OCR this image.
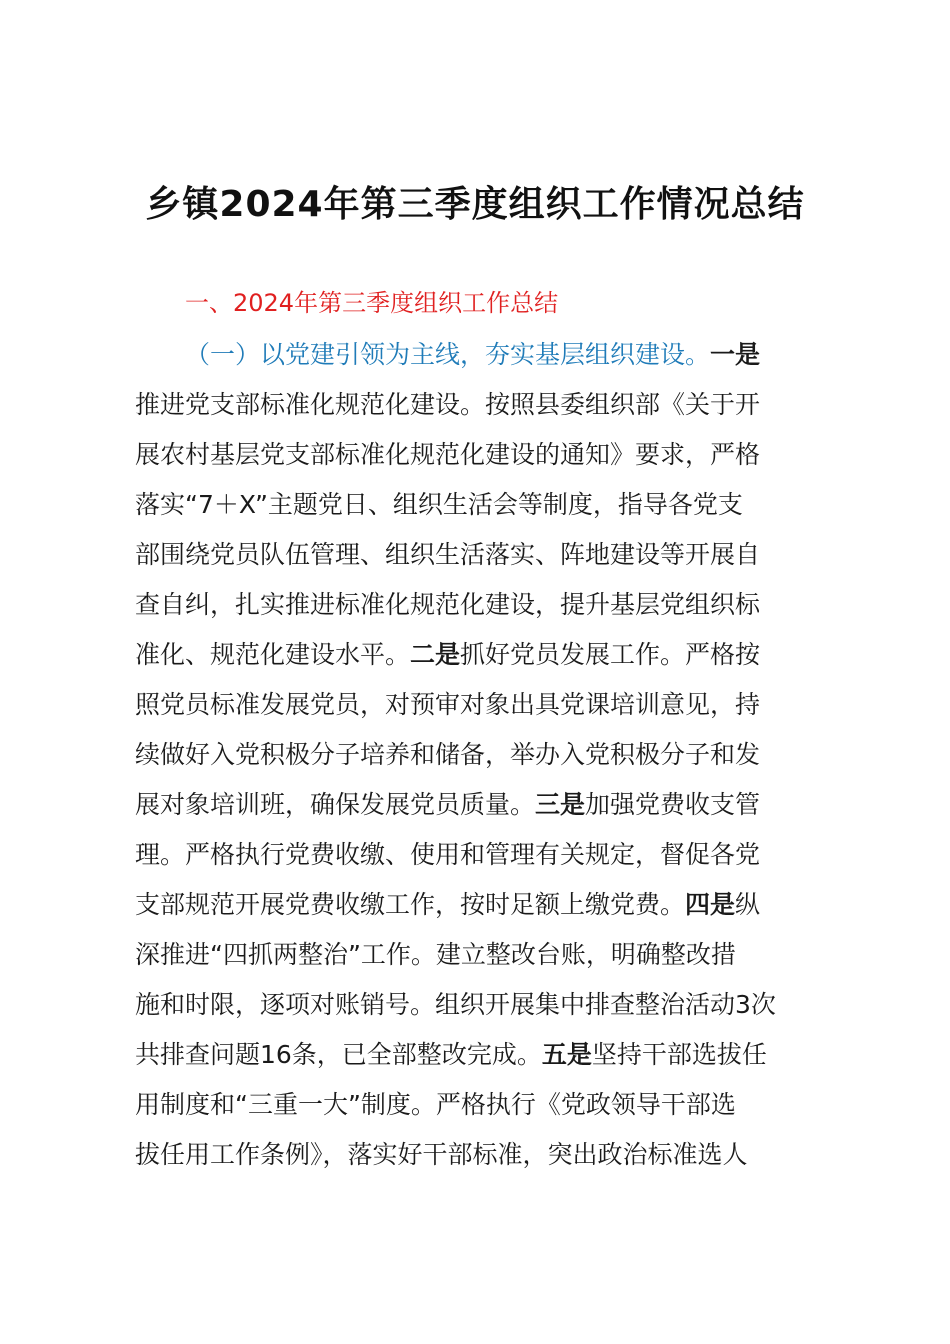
乡镇2024年第三季度组织工作情况总结
一、2024年第三季度组织工作总结
（一）以党建引领为主线，夯实基层组织建设。一是
推进党支部标准化规范化建设。按照县委组织部《关于开
展农村基层党支部标准化规范化建设的通知》要求，严格
落实“7＋X”主题党日、组织生活会等制度，指导各党支
部围绕党员队伍管理、组织生活落实、阵地建设等开展自
查自纠，扎实推进标准化规范化建设，提升基层党组织标
准化、规范化建设水平。二是抓好党员发展工作。严格按
照党员标准发展党员，对预审对象出具党课培训意见，持
续做好入党积极分子培养和储备，举办入党积极分子和发
展对象培训班，确保发展党员质量。三是加强党费收支管
理。严格执行党费收缴、使用和管理有关规定，督促各党
支部规范开展党费收缴工作，按时足额上缴党费。四是纵
深推进“四抓两整治”工作。建立整改台账，明确整改措
施和时限，逐项对账销号。组织开展集中排查整治活动3次
共排查问题16条，已全部整改完成。五是坚持干部选拔任
用制度和“三重一大”制度。严格执行《党政领导干部选
拔任用工作条例》，落实好干部标准，突出政治标准选人
